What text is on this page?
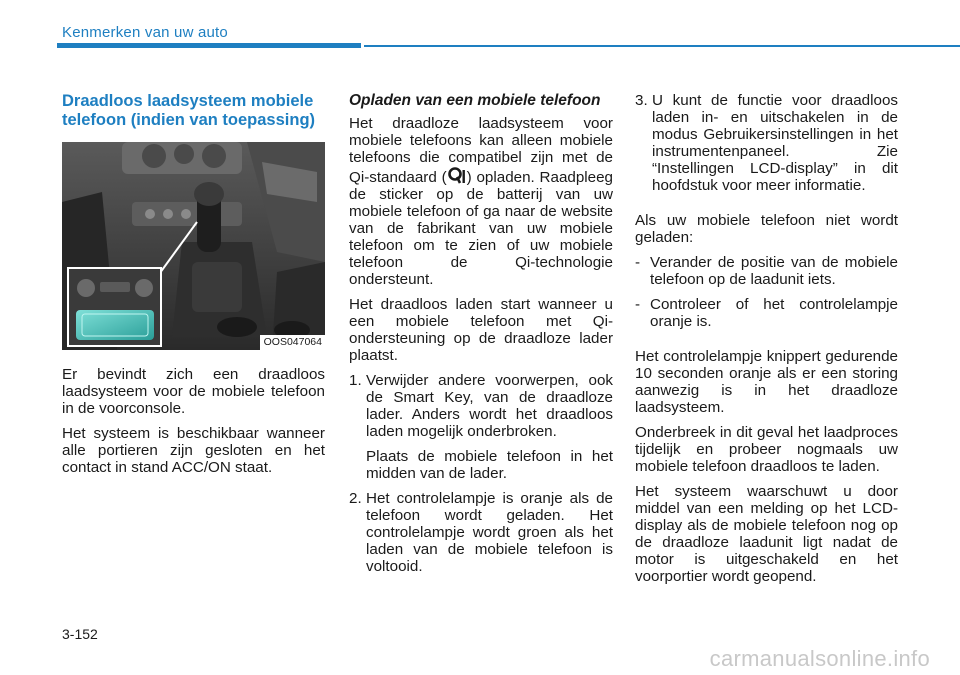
Kenmerken van uw auto
Draadloos laadsysteem mobiele telefoon (indien van toepassing)
OOS047064

Er bevindt zich een draadloos laadsysteem voor de mobiele telefoon in de voorconsole.

Het systeem is beschikbaar wanneer alle portieren zijn gesloten en het contact in stand ACC/ON staat.

Opladen van een mobiele telefoon

Het draadloze laadsysteem voor mobiele telefoons kan alleen mobiele telefoons die compatibel zijn met de Qi-standaard ( ) opladen. Raadpleeg de sticker op de batterij van uw mobiele telefoon of ga naar de website van de fabrikant van uw mobiele telefoon om te zien of uw mobiele telefoon de Qi-technologie ondersteunt.

Het draadloos laden start wanneer u een mobiele telefoon met Qi-ondersteuning op de draadloze lader plaatst.

1. Verwijder andere voorwerpen, ook de Smart Key, van de draadloze lader. Anders wordt het draadloos laden mogelijk onderbroken.
Plaats de mobiele telefoon in het midden van de lader.
2. Het controlelampje is oranje als de telefoon wordt geladen. Het controlelampje wordt groen als het laden van de mobiele telefoon is voltooid.
3. U kunt de functie voor draadloos laden in- en uitschakelen in de modus Gebruikersinstellingen in het instrumentenpaneel. Zie “Instellingen LCD-display” in dit hoofdstuk voor meer informatie.

Als uw mobiele telefoon niet wordt geladen:

- Verander de positie van de mobiele telefoon op de laadunit iets.
- Controleer of het controlelampje oranje is.

Het controlelampje knippert gedurende 10 seconden oranje als er een storing aanwezig is in het draadloze laadsysteem.

Onderbreek in dit geval het laadproces tijdelijk en probeer nogmaals uw mobiele telefoon draadloos te laden.

Het systeem waarschuwt u door middel van een melding op het LCD-display als de mobiele telefoon nog op de draadloze laadunit ligt nadat de motor is uitgeschakeld en het voorportier wordt geopend.

3-152
carmanualsonline.info
